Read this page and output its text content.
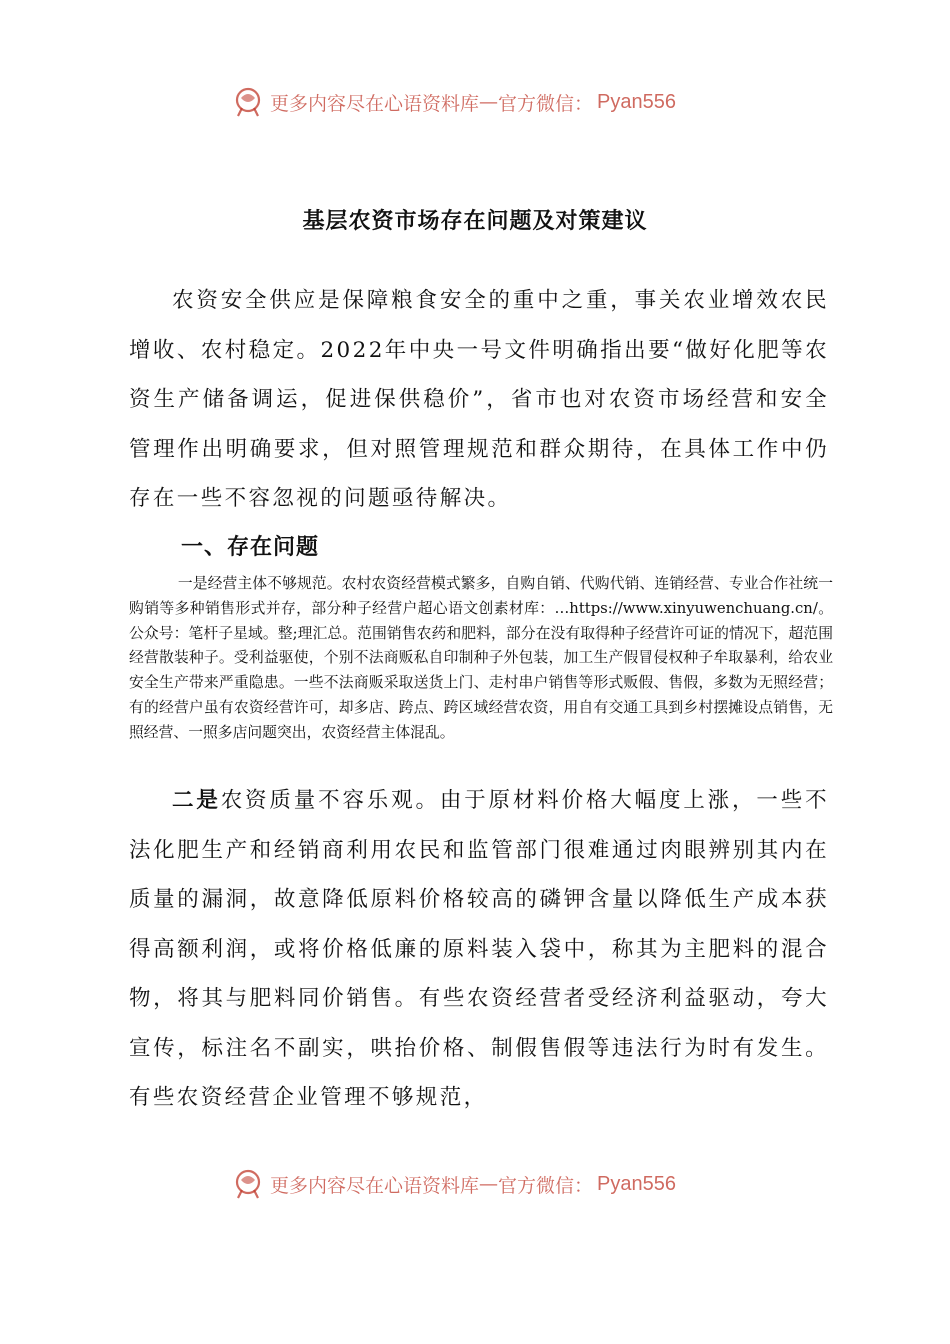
更多内容尽在心语资料库 — 官方微信： Pyan556
基层农资市场存在问题及对策建议

农资安全供应是保障粮食安全的重中之重，事关农业增效农民增收、农村稳定。2022年中央一号文件明确指出要“做好化肥等农资生产储备调运，促进保供稳价”，省市也对农资市场经营和安全管理作出明确要求，但对照管理规范和群众期待，在具体工作中仍存在一些不容忽视的问题亟待解决。

一、存在问题

一是经营主体不够规范。农村农资经营模式繁多，自购自销、代购代销、连销经营、专业合作社统一购销等多种销售形式并存，部分种子经营户超心语文创素材库：…https://www.xinyuwenchuang.cn/。公众号：笔杆子星域。整;理汇总。范围销售农药和肥料，部分在没有取得种子经营许可证的情况下，超范围经营散装种子。受利益驱使，个别不法商贩私自印制种子外包装，加工生产假冒侵权种子牟取暴利，给农业安全生产带来严重隐患。一些不法商贩采取送货上门、走村串户销售等形式贩假、售假，多数为无照经营；有的经营户虽有农资经营许可，却多店、跨点、跨区域经营农资，用自有交通工具到乡村摆摊设点销售，无照经营、一照多店问题突出，农资经营主体混乱。

二是农资质量不容乐观。由于原材料价格大幅度上涨，一些不法化肥生产和经销商利用农民和监管部门很难通过肉眼辨别其内在质量的漏洞，故意降低原料价格较高的磷钾含量以降低生产成本获得高额利润，或将价格低廉的原料装入袋中，称其为主肥料的混合物，将其与肥料同价销售。有些农资经营者受经济利益驱动，夸大宣传，标注名不副实，哄抬价格、制假售假等违法行为时有发生。有些农资经营企业管理不够规范，

更多内容尽在心语资料库 — 官方微信： Pyan556
